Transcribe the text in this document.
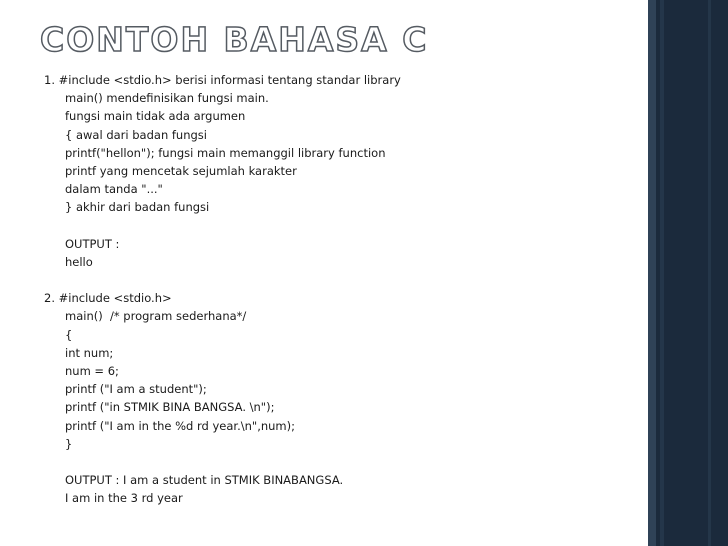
CONTOH BAHASA C
1. #include <stdio.h> berisi informasi tentang standar library
main() mendefinisikan fungsi main.
fungsi main tidak ada argumen
{ awal dari badan fungsi
printf("hellon"); fungsi main memanggil library function
printf yang mencetak sejumlah karakter
dalam tanda "..."
} akhir dari badan fungsi
OUTPUT :
hello
2. #include <stdio.h>
main()  /* program sederhana*/
{
int num;
num = 6;
printf ("I am a student");
printf ("in STMIK BINA BANGSA. \n");
printf ("I am in the %d rd year.\n",num);
}
OUTPUT : I am a student in STMIK BINABANGSA.
I am in the 3 rd year
